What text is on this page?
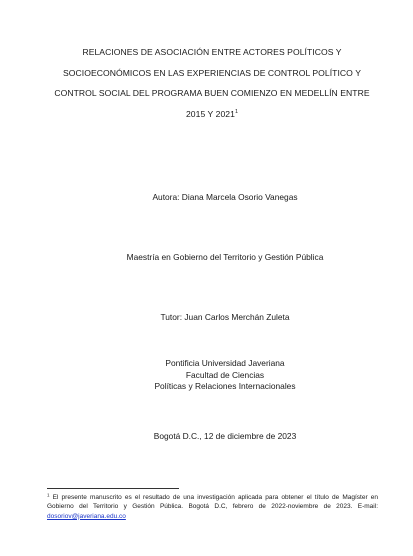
RELACIONES DE ASOCIACIÓN ENTRE ACTORES POLÍTICOS Y SOCIOECONÓMICOS EN LAS EXPERIENCIAS DE CONTROL POLÍTICO Y CONTROL SOCIAL DEL PROGRAMA BUEN COMIENZO EN MEDELLÍN ENTRE 2015 Y 2021$^1$
Autora: Diana Marcela Osorio Vanegas
Maestría en Gobierno del Territorio y Gestión Pública
Tutor: Juan Carlos Merchán Zuleta
Pontificia Universidad Javeriana
Facultad de Ciencias
Políticas y Relaciones Internacionales
Bogotá D.C., 12 de diciembre de 2023
$^1$ El presente manuscrito es el resultado de una investigación aplicada para obtener el título de Magíster en Gobierno del Territorio y Gestión Pública. Bogotá D.C, febrero de 2022-noviembre de 2023. E-mail: dosoriov@javeriana.edu.co
